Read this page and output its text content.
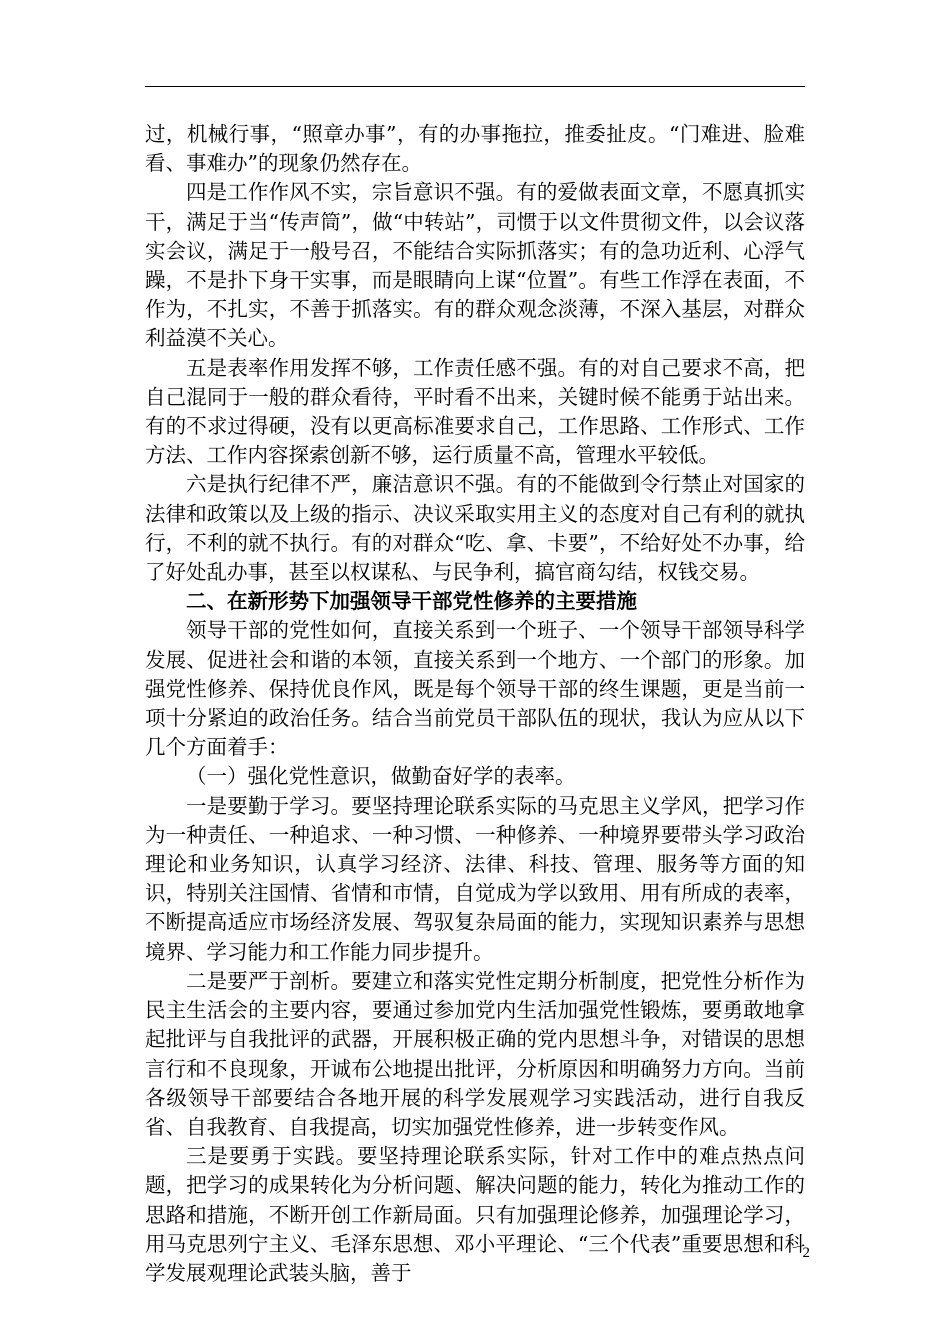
过，机械行事，“照章办事”，有的办事拖拉，推委扯皮。“门难进、脸难看、事难办”的现象仍然存在。

四是工作作风不实，宗旨意识不强。有的爱做表面文章，不愿真抓实干，满足于当“传声筒”，做“中转站”，司惯于以文件贯彻文件，以会议落实会议，满足于一般号召，不能结合实际抓落实；有的急功近利、心浮气躁，不是扑下身干实事，而是眼睛向上谋“位置”。有些工作浮在表面，不作为，不扎实，不善于抓落实。有的群众观念淡薄，不深入基层，对群众利益漠不关心。

五是表率作用发挥不够，工作责任感不强。有的对自己要求不高，把自己混同于一般的群众看待，平时看不出来，关键时候不能勇于站出来。有的不求过得硬，没有以更高标准要求自己，工作思路、工作形式、工作方法、工作内容探索创新不够，运行质量不高，管理水平较低。

六是执行纪律不严，廉洁意识不强。有的不能做到令行禁止对国家的法律和政策以及上级的指示、决议采取实用主义的态度对自己有利的就执行，不利的就不执行。有的对群众“吃、拿、卡要”，不给好处不办事，给了好处乱办事，甚至以权谋私、与民争利，搞官商勾结，权钱交易。

二、在新形势下加强领导干部党性修养的主要措施

领导干部的党性如何，直接关系到一个班子、一个领导干部领导科学发展、促进社会和谐的本领，直接关系到一个地方、一个部门的形象。加强党性修养、保持优良作风，既是每个领导干部的终生课题，更是当前一项十分紧迫的政治任务。结合当前党员干部队伍的现状，我认为应从以下几个方面着手：

（一）强化党性意识，做勤奋好学的表率。

一是要勤于学习。要坚持理论联系实际的马克思主义学风，把学习作为一种责任、一种追求、一种习惯、一种修养、一种境界要带头学习政治理论和业务知识，认真学习经济、法律、科技、管理、服务等方面的知识，特别关注国情、省情和市情，自觉成为学以致用、用有所成的表率，不断提高适应市场经济发展、驾驭复杂局面的能力，实现知识素养与思想境界、学习能力和工作能力同步提升。

二是要严于剖析。要建立和落实党性定期分析制度，把党性分析作为民主生活会的主要内容，要通过参加党内生活加强党性锻炼，要勇敢地拿起批评与自我批评的武器，开展积极正确的党内思想斗争，对错误的思想言行和不良现象，开诚布公地提出批评，分析原因和明确努力方向。当前各级领导干部要结合各地开展的科学发展观学习实践活动，进行自我反省、自我教育、自我提高，切实加强党性修养，进一步转变作风。

三是要勇于实践。要坚持理论联系实际，针对工作中的难点热点问题，把学习的成果转化为分析问题、解决问题的能力，转化为推动工作的思路和措施，不断开创工作新局面。只有加强理论修养，加强理论学习，用马克思列宁主义、毛泽东思想、邓小平理论、“三个代表”重要思想和科学发展观理论武装头脑，善于

2
